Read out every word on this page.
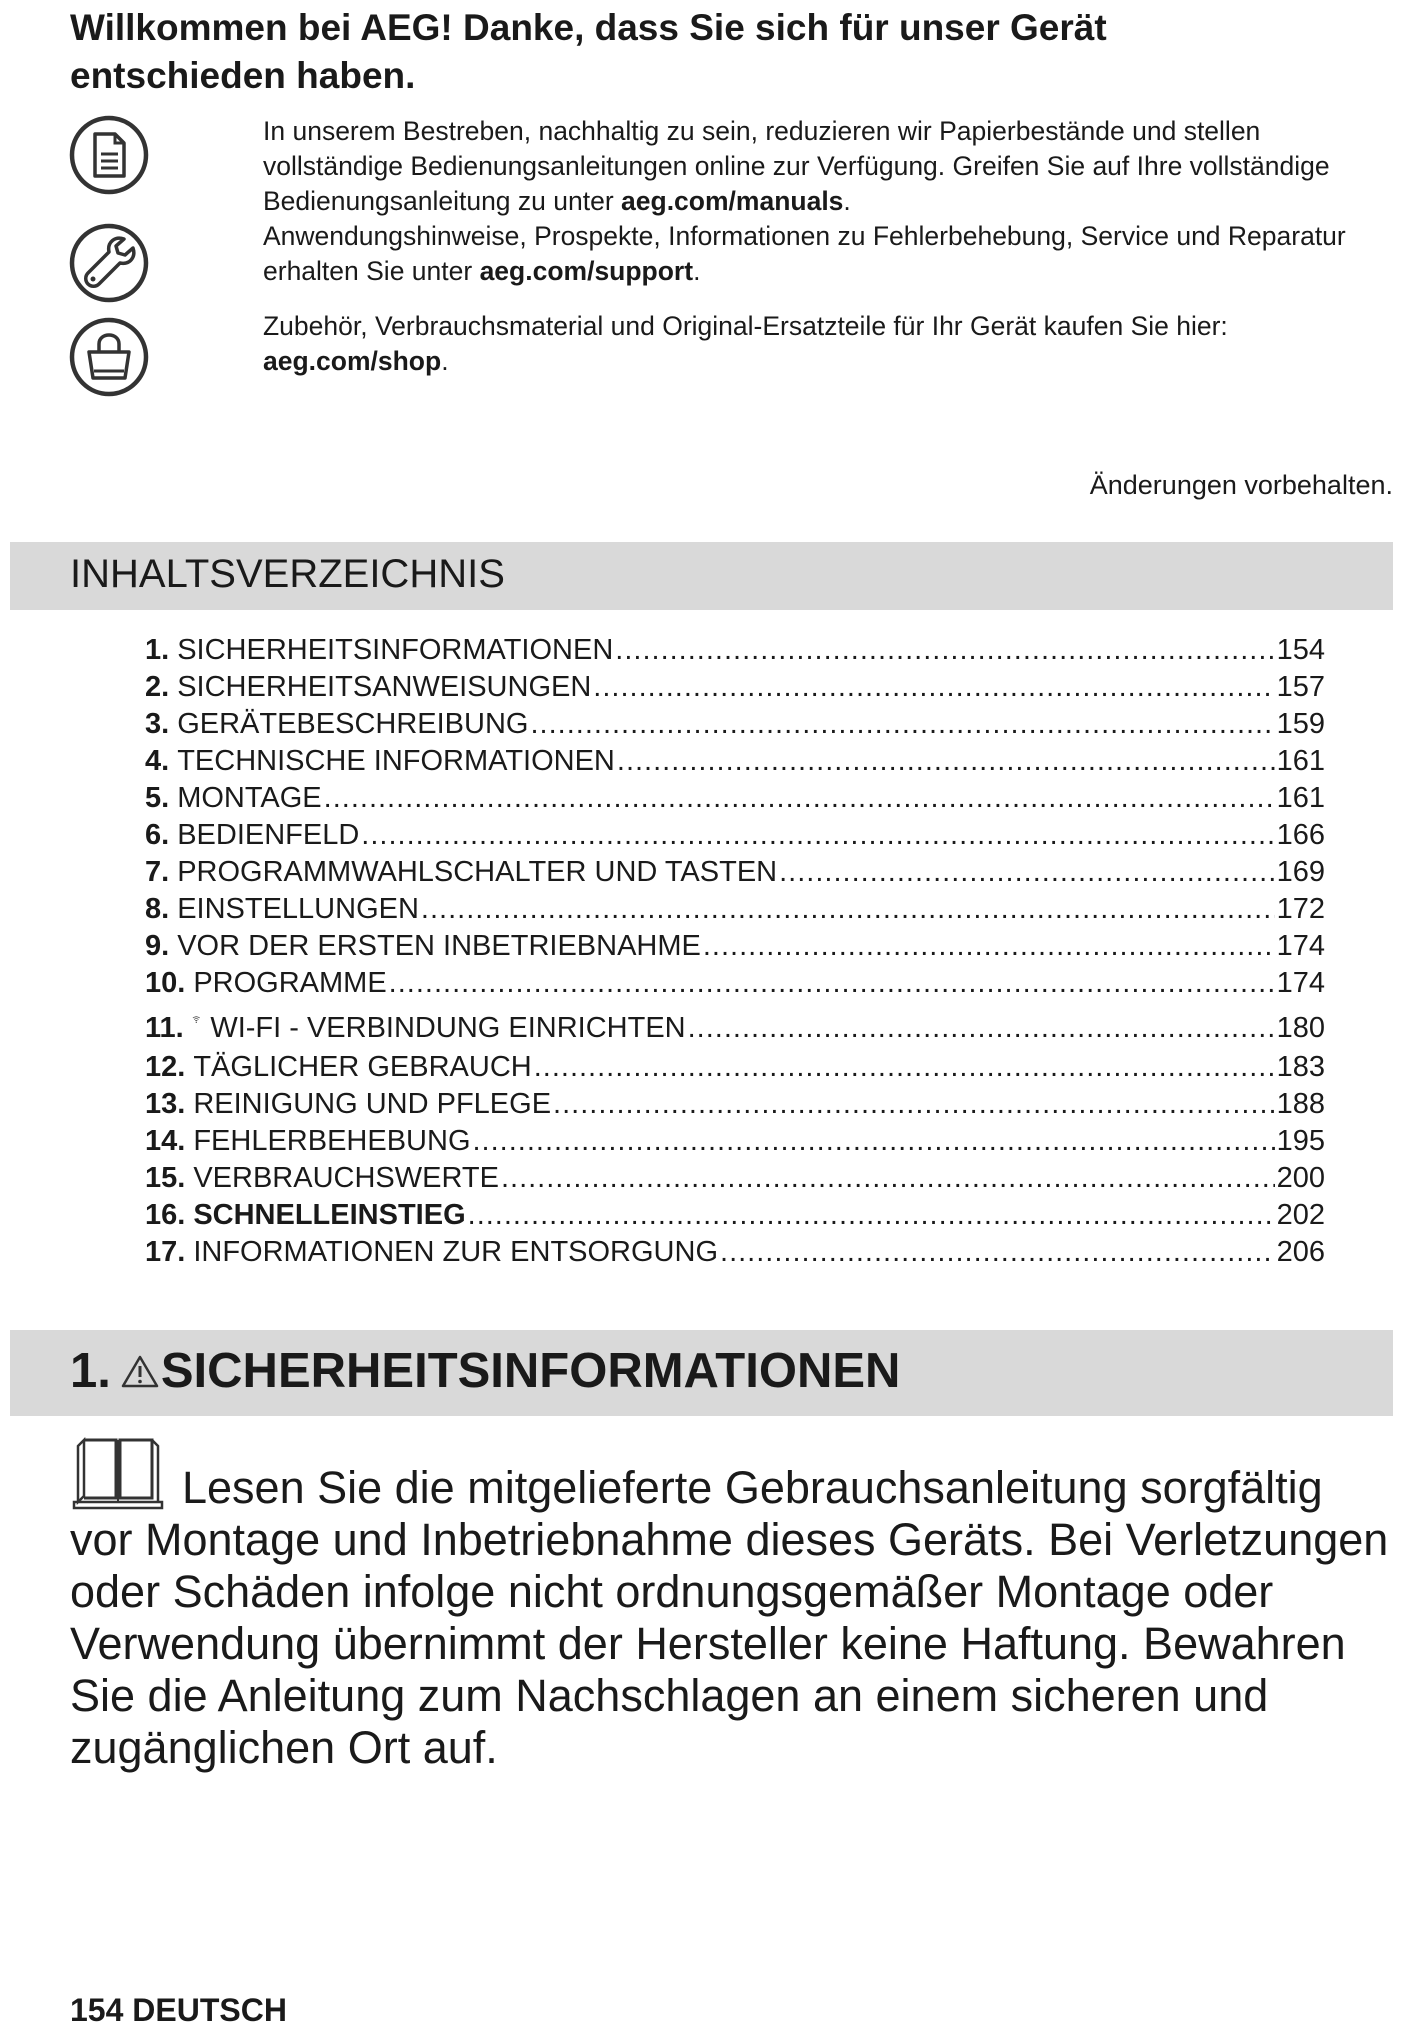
Willkommen bei AEG! Danke, dass Sie sich für unser Gerät entschieden haben.

In unserem Bestreben, nachhaltig zu sein, reduzieren wir Papierbestände und stellen vollständige Bedienungsanleitungen online zur Verfügung. Greifen Sie auf Ihre vollständige Bedienungsanleitung zu unter aeg.com/manuals.

Anwendungshinweise, Prospekte, Informationen zu Fehlerbehebung, Service und Reparatur erhalten Sie unter aeg.com/support.

Zubehör, Verbrauchsmaterial und Original-Ersatzteile für Ihr Gerät kaufen Sie hier: aeg.com/shop.

Änderungen vorbehalten.

INHALTSVERZEICHNIS
1. SICHERHEITSINFORMATIONEN .....	154
2. SICHERHEITSANWEISUNGEN .....	157
3. GERÄTEBESCHREIBUNG .....	159
4. TECHNISCHE INFORMATIONEN .....	161
5. MONTAGE .....	161
6. BEDIENFELD .....	166
7. PROGRAMMWAHLSCHALTER UND TASTEN .....	169
8. EINSTELLUNGEN .....	172
9. VOR DER ERSTEN INBETRIEBNAHME .....	174
10. PROGRAMME .....	174
11. WI-FI - VERBINDUNG EINRICHTEN .....	180
12. TÄGLICHER GEBRAUCH .....	183
13. REINIGUNG UND PFLEGE .....	188
14. FEHLERBEHEBUNG .....	195
15. VERBRAUCHSWERTE .....	200
16. SCHNELLEINSTIEG .....	202
17. INFORMATIONEN ZUR ENTSORGUNG .....	206
1. SICHERHEITSINFORMATIONEN

Lesen Sie die mitgelieferte Gebrauchsanleitung sorgfältig vor Montage und Inbetriebnahme dieses Geräts. Bei Verletzungen oder Schäden infolge nicht ordnungsgemäßer Montage oder Verwendung übernimmt der Hersteller keine Haftung. Bewahren Sie die Anleitung zum Nachschlagen an einem sicheren und zugänglichen Ort auf.

154 DEUTSCH
